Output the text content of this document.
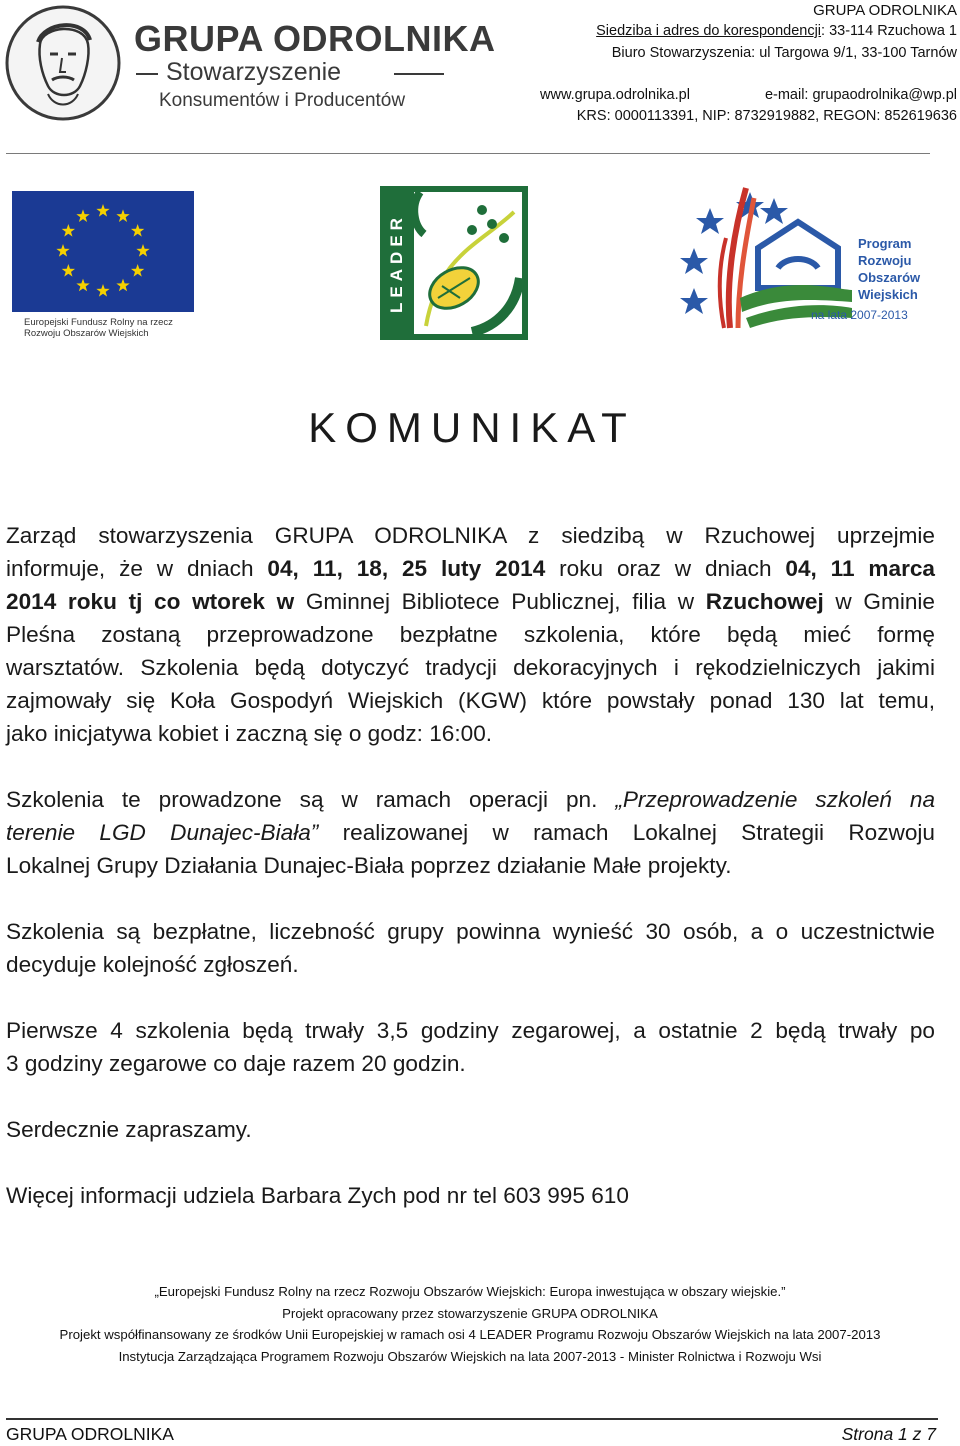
GRUPA ODROLNIKA
Stowarzyszenie
Konsumentów i Producentów
GRUPA ODROLNIKA
Siedziba i adres do korespondencji: 33-114 Rzuchowa 1
Biuro Stowarzyszenia: ul Targowa 9/1, 33-100 Tarnów
www.grupa.odrolnika.pl	e-mail: grupaodrolnika@wp.pl
KRS: 0000113391, NIP: 8732919882, REGON: 852619636
Europejski Fundusz Rolny na rzecz Rozwoju Obszarów Wiejskich
LEADER	Program
Rozwoju
Obszarów
Wiejskich
na lata 2007-2013
KOMUNIKAT
Zarząd stowarzyszenia GRUPA ODROLNIKA z siedzibą w Rzuchowej uprzejmie
informuje, że w dniach 04, 11, 18, 25 luty 2014 roku oraz w dniach 04, 11 marca
2014 roku tj co wtorek w Gminnej Bibliotece Publicznej, filia w Rzuchowej w Gminie
Pleśna zostaną przeprowadzone bezpłatne szkolenia, które będą mieć formę
warsztatów. Szkolenia będą dotyczyć tradycji dekoracyjnych i rękodzielniczych jakimi
zajmowały się Koła Gospodyń Wiejskich (KGW) które powstały ponad 130 lat temu,
jako inicjatywa kobiet i zaczną się o godz: 16:00.
Szkolenia te prowadzone są w ramach operacji pn. „Przeprowadzenie szkoleń na
terenie LGD Dunajec-Biała” realizowanej w ramach Lokalnej Strategii Rozwoju
Lokalnej Grupy Działania Dunajec-Biała poprzez działanie Małe projekty.
Szkolenia są bezpłatne, liczebność grupy powinna wynieść 30 osób, a o uczestnictwie
decyduje kolejność zgłoszeń.
Pierwsze 4 szkolenia będą trwały 3,5 godziny zegarowej, a ostatnie 2 będą trwały po
3 godziny zegarowe co daje razem 20 godzin.
Serdecznie zapraszamy.
Więcej informacji udziela Barbara Zych pod nr tel 603 995 610
„Europejski Fundusz Rolny na rzecz Rozwoju Obszarów Wiejskich: Europa inwestująca w obszary wiejskie.”
Projekt opracowany przez stowarzyszenie GRUPA ODROLNIKA
Projekt współfinansowany ze środków Unii Europejskiej w ramach osi 4 LEADER Programu Rozwoju Obszarów Wiejskich na lata 2007-2013
Instytucja Zarządzająca Programem Rozwoju Obszarów Wiejskich na lata 2007-2013 - Minister Rolnictwa i Rozwoju Wsi
GRUPA ODROLNIKA	Strona 1 z 7
